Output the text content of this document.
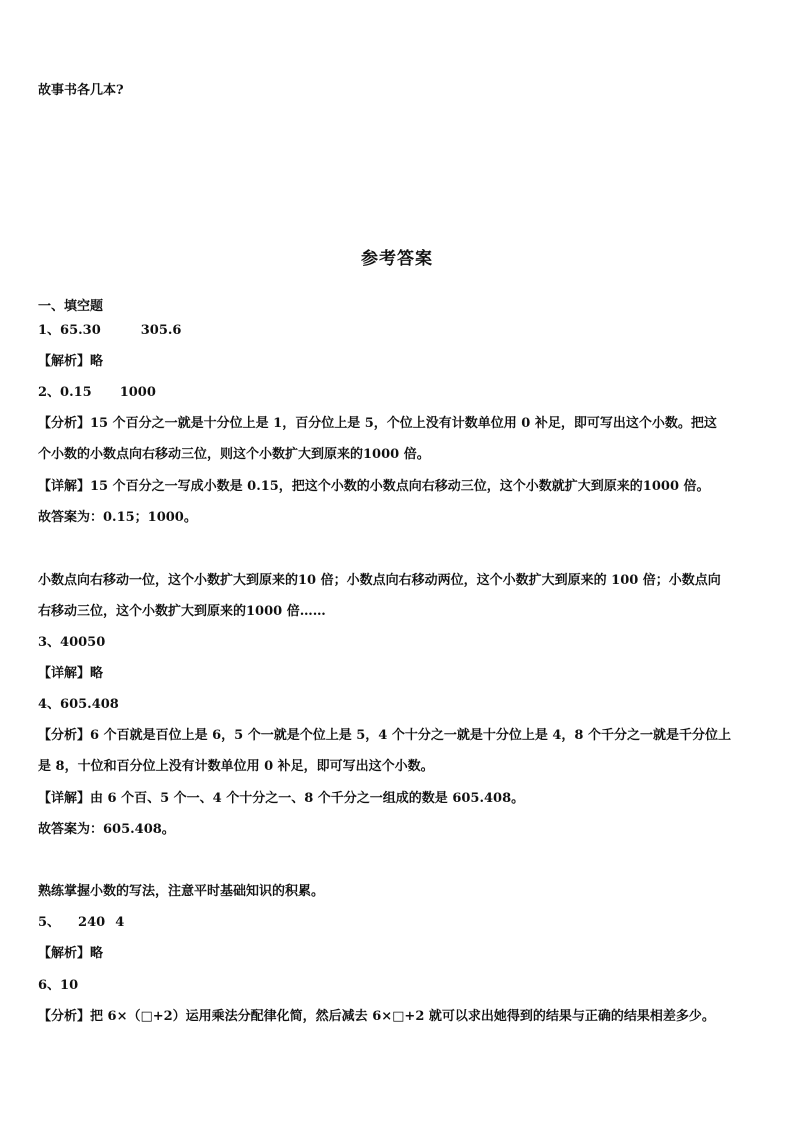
故事书各几本?
参考答案
一、填空题
1、65.30	305.6
【解析】略
2、0.15 1000
【分析】15 个百分之一就是十分位上是 1，百分位上是 5，个位上没有计数单位用 0 补足，即可写出这个小数。把这
个小数的小数点向右移动三位，则这个小数扩大到原来的1000 倍。
【详解】15 个百分之一写成小数是 0.15，把这个小数的小数点向右移动三位，这个小数就扩大到原来的1000 倍。
故答案为：0.15；1000。
小数点向右移动一位，这个小数扩大到原来的10 倍；小数点向右移动两位，这个小数扩大到原来的 100 倍；小数点向
右移动三位，这个小数扩大到原来的1000 倍……
3、40050
【详解】略
4、605.408
【分析】6 个百就是百位上是 6，5 个一就是个位上是 5，4 个十分之一就是十分位上是 4，8 个千分之一就是千分位上
是 8，十位和百分位上没有计数单位用 0 补足，即可写出这个小数。
【详解】由 6 个百、5 个一、4 个十分之一、8 个千分之一组成的数是 605.408。
故答案为：605.408。
熟练掌握小数的写法，注意平时基础知识的积累。
5、 240 4
【解析】略
6、10
【分析】把 6×（□+2）运用乘法分配律化简，然后减去 6×□+2 就可以求出她得到的结果与正确的结果相差多少。
